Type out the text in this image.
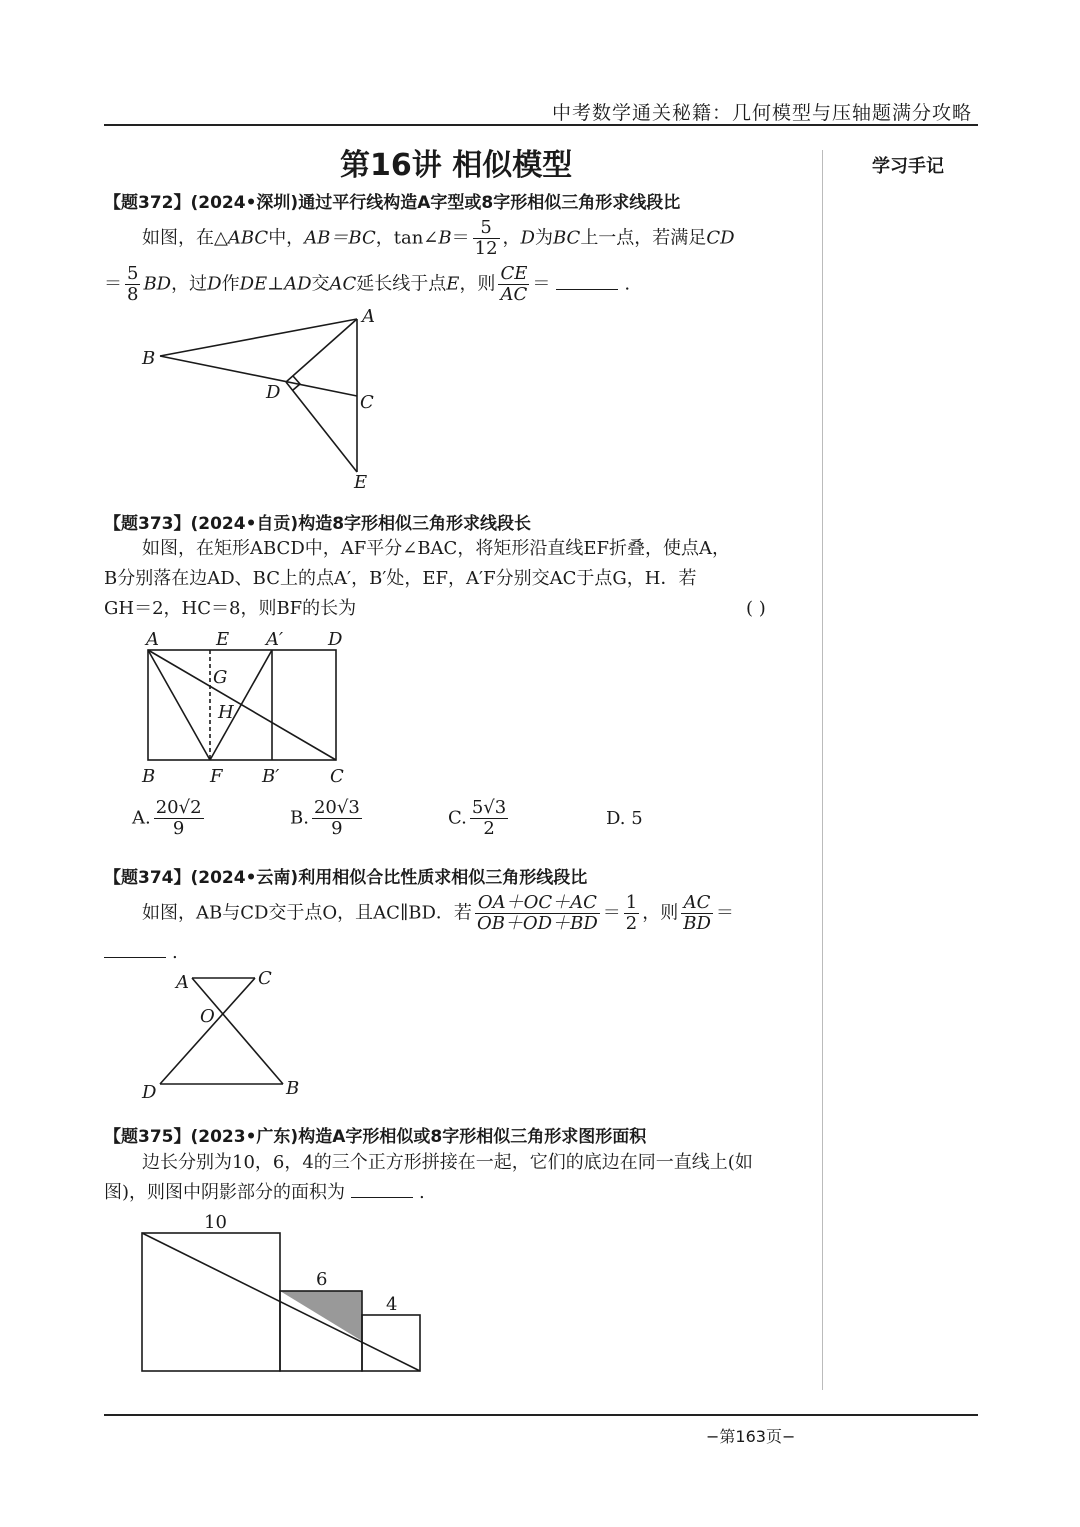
中考数学通关秘籍：几何模型与压轴题满分攻略
第16讲 相似模型	学习手记
【题372】(2024•深圳)通过平行线构造A字型或8字形相似三角形求线段比
如图，在△ABC中，AB＝BC，tan∠B＝ $\frac{5}{12}$ ，D为BC上一点，若满足CD
＝ $\frac{5}{8}$ BD，过D作DE⊥AD交AC延长线于点E，则 $\frac{CE}{AC}$ ＝	.
A
B
C
D
E
【题373】(2024•自贡)构造8字形相似三角形求线段长
如图，在矩形ABCD中，AF平分∠BAC，将矩形沿直线EF折叠，使点A，
B分别落在边AD、BC上的点A′，B′处，EF，A′F分别交AC于点G，H．若
GH＝2，HC＝8，则BF的长为	( )
A	E A′ D
G
H
B	F B′	C
A. $\frac{20√2}{9}$	B. $\frac{20√3}{9}$	C. $\frac{5√3}{2}$	D. 5
【题374】(2024•云南)利用相似合比性质求相似三角形线段比
如图，AB与CD交于点O，且AC∥BD．若 $\frac{OA+OC+AC}{OB+OD+BD} = \frac{1}{2}$ ，则 $\frac{AC}{BD}$ ＝
.
A	C
O
D	B
【题375】(2023•广东)构造A字形相似或8字形相似三角形求图形面积
边长分别为10，6，4的三个正方形拼接在一起，它们的底边在同一直线上(如
图)，则图中阴影部分的面积为	.
10
6
4
−第163页−
